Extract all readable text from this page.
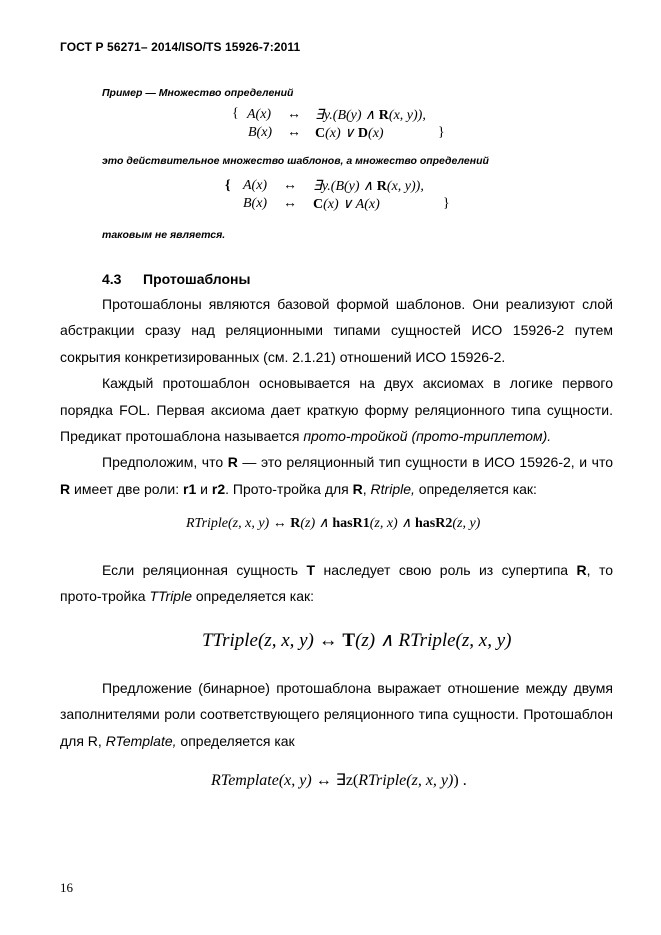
ГОСТ Р 56271– 2014/ISO/TS 15926-7:2011
Пример — Множество определений
{ A(x) ↔ ∃y.(B(y) ∧ R(x, y)),
B(x) ↔ C(x) ∨ D(x)	}
это действительное множество шаблонов, а множество определений
{ A(x) ↔ ∃y.(B(y) ∧ R(x, y)),
B(x) ↔ C(x) ∨ A(x)	}
таковым не является.
4.3 Протошаблоны

Протошаблоны являются базовой формой шаблонов. Они реализуют слой абстракции сразу над реляционными типами сущностей ИСО 15926-2 путем сокрытия конкретизированных (см. 2.1.21) отношений ИСО 15926-2.

Каждый протошаблон основывается на двух аксиомах в логике первого порядка FOL. Первая аксиома дает краткую форму реляционного типа сущности. Предикат протошаблона называется прото-тройкой (прото-триплетом).

Предположим, что R — это реляционный тип сущности в ИСО 15926-2, и что R имеет две роли: r1 и r2. Прото-тройка для R, Rtriple, определяется как:

RTriple(z, x, y) ↔ R(z) ∧ hasR1(z, x) ∧ hasR2(z, y)

Если реляционная сущность T наследует свою роль из супертипа R, то прото-тройка TTriple определяется как:

TTriple(z, x, y) ↔ T(z) ∧ RTriple(z, x, y)

Предложение (бинарное) протошаблона выражает отношение между двумя заполнителями роли соответствующего реляционного типа сущности. Протошаблон для R, RTemplate, определяется как

RTemplate(x, y) ↔ ∃z(RTriple(z, x, y)) .
16
